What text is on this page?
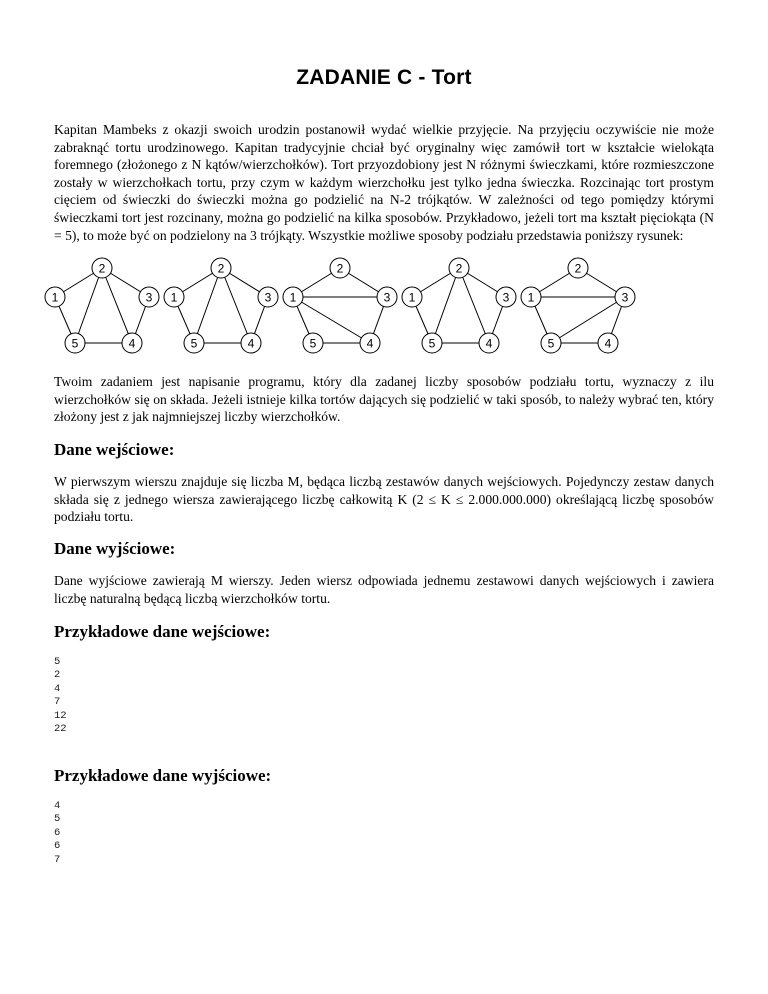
ZADANIE C - Tort

Kapitan Mambeks z okazji swoich urodzin postanowił wydać wielkie przyjęcie. Na przyjęciu oczywiście nie może zabraknąć tortu urodzinowego. Kapitan tradycyjnie chciał być oryginalny więc zamówił tort w kształcie wielokąta foremnego (złożonego z N kątów/wierzchołków). Tort przyozdobiony jest N różnymi świeczkami, które rozmieszczone zostały w wierzchołkach tortu, przy czym w każdym wierzchołku jest tylko jedna świeczka. Rozcinając tort prostym cięciem od świeczki do świeczki można go podzielić na N-2 trójkątów. W zależności od tego pomiędzy którymi świeczkami tort jest rozcinany, można go podzielić na kilka sposobów. Przykładowo, jeżeli tort ma kształt pięciokąta (N = 5), to może być on podzielony na 3 trójkąty. Wszystkie możliwe sposoby podziału przedstawia poniższy rysunek:

1
2
3
4
5
1
2
3
4
5
1
2
3
4
5
1
2
3
4
5
1
2
3
4
5

Twoim zadaniem jest napisanie programu, który dla zadanej liczby sposobów podziału tortu, wyznaczy z ilu wierzchołków się on składa. Jeżeli istnieje kilka tortów dających się podzielić w taki sposób, to należy wybrać ten, który złożony jest z jak najmniejszej liczby wierzchołków.

Dane wejściowe:

W pierwszym wierszu znajduje się liczba M, będąca liczbą zestawów danych wejściowych. Pojedynczy zestaw danych składa się z jednego wiersza zawierającego liczbę całkowitą K (2 ≤ K ≤ 2.000.000.000) określającą liczbę sposobów podziału tortu.

Dane wyjściowe:

Dane wyjściowe zawierają M wierszy. Jeden wiersz odpowiada jednemu zestawowi danych wejściowych i zawiera liczbę naturalną będącą liczbą wierzchołków tortu.

Przykładowe dane wejściowe:
5
2
4
7
12
22
Przykładowe dane wyjściowe:
4
5
6
6
7
